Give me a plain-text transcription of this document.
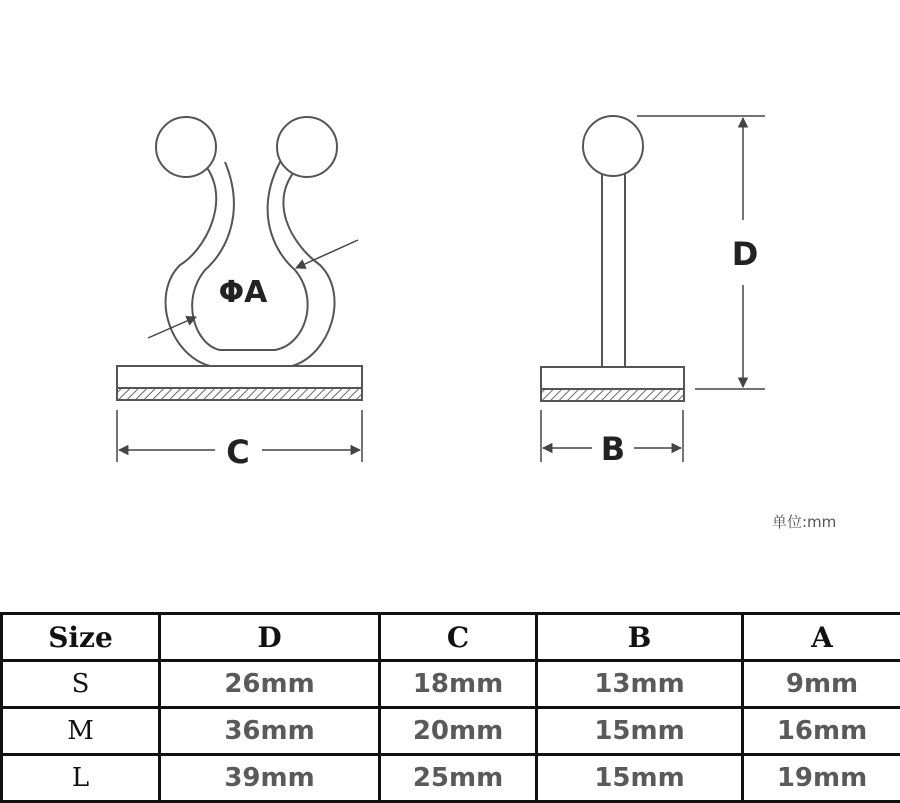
ΦA
C
D
B
单位:mm
Size	D	C	B	A
S	26mm	18mm	13mm	9mm
M	36mm	20mm	15mm	16mm
L	39mm	25mm	15mm	19mm
